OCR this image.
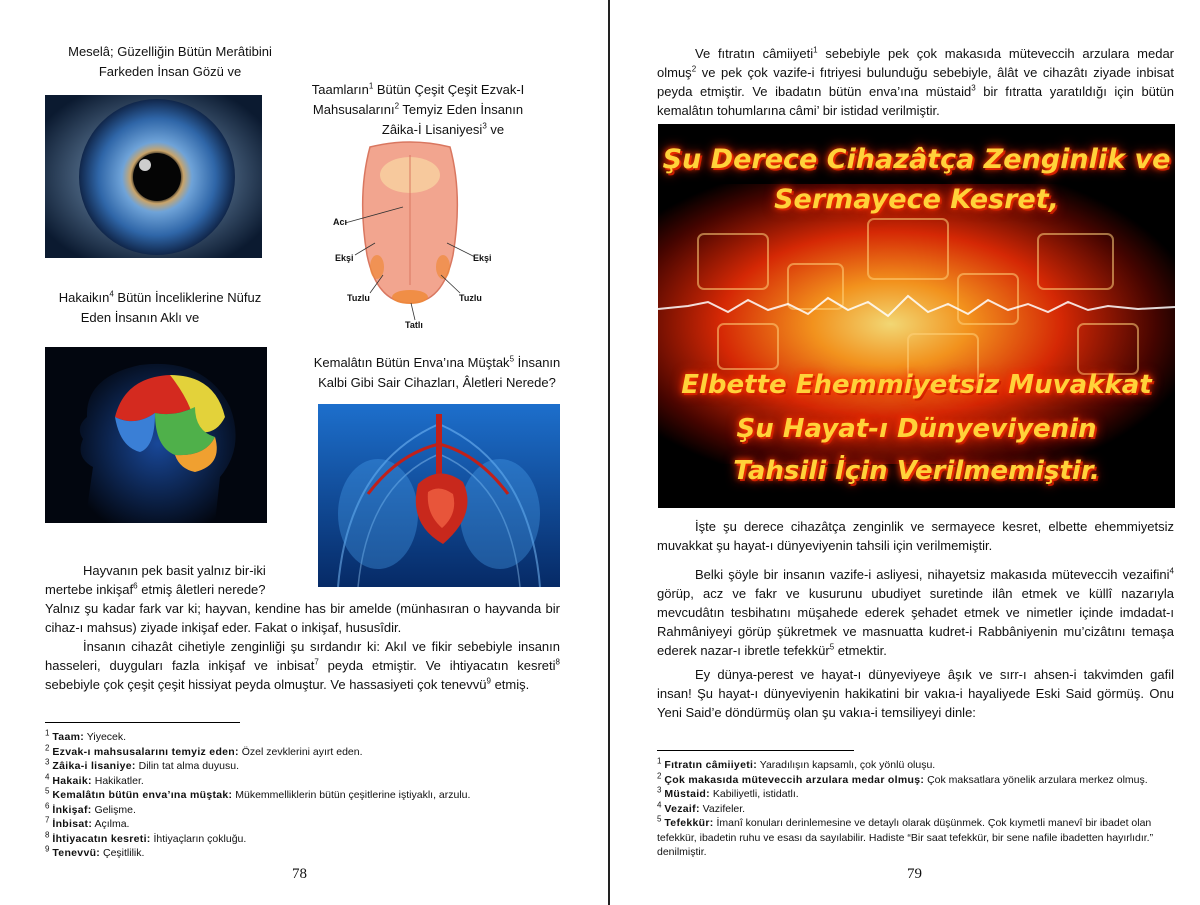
Meselâ; Güzelliğin Bütün Merâtibini
Farkeden İnsan Gözü ve
Taamların$^1$ Bütün Çeşit Çeşit Ezvak-I
Mahsusalarını$^2$ Temyiz Eden İnsanın
Zâika-İ Lisaniyesi$^3$ ve
Acı
Ekşi	Ekşi
Tuzlu	Tuzlu
Tatlı
Hakaikın$^4$ Bütün İnceliklerine Nüfuz
Eden İnsanın Aklı ve
Kemalâtın Bütün Enva’ına Müştak$^5$ İnsanın
Kalbi Gibi Sair Cihazları, Âletleri Nerede?
Hayvanın pek basit yalnız bir-iki
mertebe inkişaf$^6$ etmiş âletleri nerede?
Yalnız şu kadar fark var ki; hayvan, kendine has bir amelde (münhasıran o hayvanda bir cihaz-ı mahsus) ziyade inkişaf eder. Fakat o inkişaf, hususîdir.
İnsanın cihazât cihetiyle zenginliği şu sırdandır ki: Akıl ve fikir sebebiyle insanın hasseleri, duyguları fazla inkişaf ve inbisat$^7$ peyda etmiştir. Ve ihtiyacatın kesreti$^8$ sebebiyle çok çeşit çeşit hissiyat peyda olmuştur. Ve hassasiyeti çok tenevvü$^9$ etmiş.
$^1$ Taam: Yiyecek.
$^2$ Ezvak-ı mahsusalarını temyiz eden: Özel zevklerini ayırt eden.
$^3$ Zâika-i lisaniye: Dilin tat alma duyusu.
$^4$ Hakaik: Hakikatler.
$^5$ Kemalâtın bütün enva’ına müştak: Mükemmelliklerin bütün çeşitlerine iştiyaklı, arzulu.
$^6$ İnkişaf: Gelişme.
$^7$ İnbisat: Açılma.
$^8$ İhtiyacatın kesreti: İhtiyaçların çokluğu.
$^9$ Tenevvü: Çeşitlilik.
78
Ve fıtratın câmiiyeti$^1$ sebebiyle pek çok makasıda müteveccih arzulara medar olmuş$^2$ ve pek çok vazife-i fıtriyesi bulunduğu sebebiyle, âlât ve cihazâtı ziyade inbisat peyda etmiştir. Ve ibadatın bütün enva’ına müstaid$^3$ bir fıtratta yaratıldığı için bütün kemalâtın tohumlarına câmi’ bir istidad verilmiştir.
Şu Derece Cihazâtça Zenginlik ve
Sermayece Kesret,
Elbette Ehemmiyetsiz Muvakkat
Şu Hayat-ı Dünyeviyenin
Tahsili İçin Verilmemiştir.
İşte şu derece cihazâtça zenginlik ve sermayece kesret, elbette ehemmiyetsiz muvakkat şu hayat-ı dünyeviyenin tahsili için verilmemiştir.
Belki şöyle bir insanın vazife-i asliyesi, nihayetsiz makasıda müteveccih vezaifini$^4$ görüp, acz ve fakr ve kusurunu ubudiyet suretinde ilân etmek ve küllî nazarıyla mevcudâtın tesbihatını müşahede ederek şehadet etmek ve nimetler içinde imdadat-ı Rahmâniyeyi görüp şükretmek ve masnuatta kudret-i Rabbâniyenin mu’cizâtını temaşa ederek nazar-ı ibretle tefekkür$^5$ etmektir.
Ey dünya-perest ve hayat-ı dünyeviyeye âşık ve sırr-ı ahsen-i takvimden gafil insan! Şu hayat-ı dünyeviyenin hakikatini bir vakıa-i hayaliyede Eski Said görmüş. Onu Yeni Said’e döndürmüş olan şu vakıa-i temsiliyeyi dinle:
$^1$ Fıtratın câmiiyeti: Yaradılışın kapsamlı, çok yönlü oluşu.
$^2$ Çok makasıda müteveccih arzulara medar olmuş: Çok maksatlara yönelik arzulara merkez olmuş.
$^3$ Müstaid: Kabiliyetli, istidatlı.
$^4$ Vezaif: Vazifeler.
$^5$ Tefekkür: İmanî konuları derinlemesine ve detaylı olarak düşünmek. Çok kıymetli manevî bir ibadet olan tefekkür, ibadetin ruhu ve esası da sayılabilir. Hadiste “Bir saat tefekkür, bir sene nafile ibadetten hayırlıdır.” denilmiştir.
79
